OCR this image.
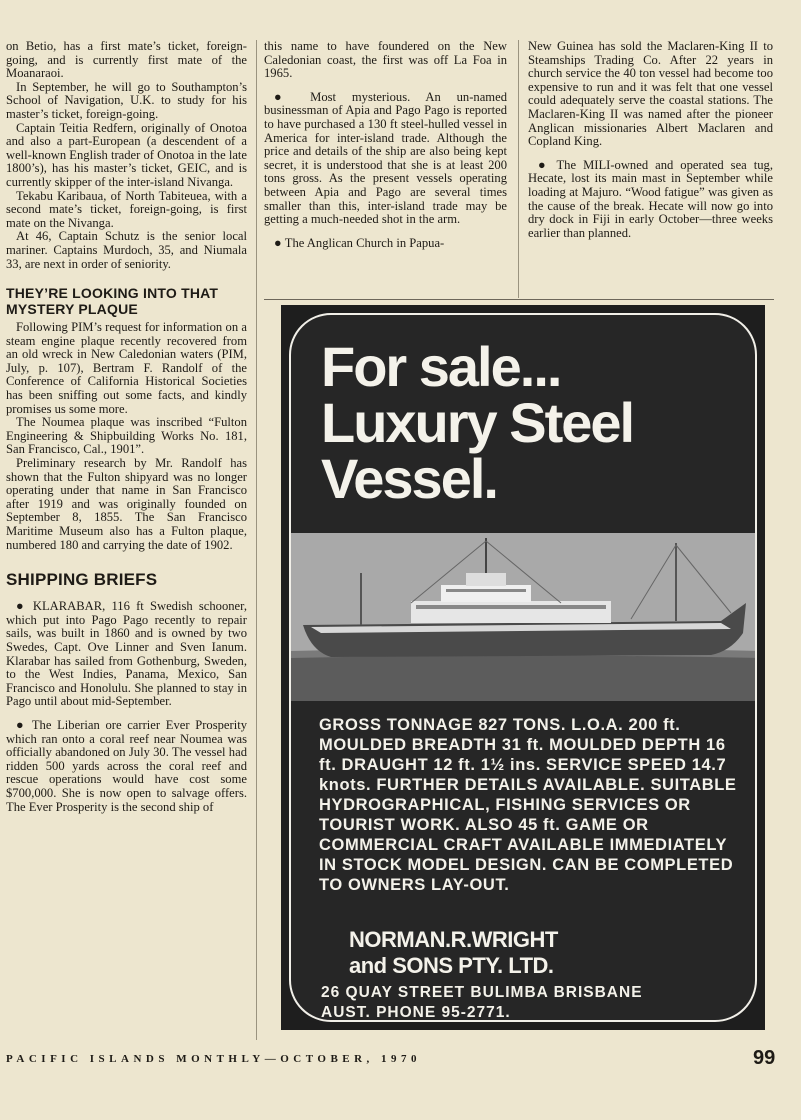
on Betio, has a first mate’s ticket, foreign-going, and is currently first mate of the Moanaraoi.

In September, he will go to Southampton’s School of Navigation, U.K. to study for his master’s ticket, foreign-going.

Captain Teitia Redfern, originally of Onotoa and also a part-European (a descendent of a well-known English trader of Onotoa in the late 1800’s), has his master’s ticket, GEIC, and is currently skipper of the inter-island Nivanga.

Tekabu Karibaua, of North Tabiteuea, with a second mate’s ticket, foreign-going, is first mate on the Nivanga.

At 46, Captain Schutz is the senior local mariner. Captains Murdoch, 35, and Niumala 33, are next in order of seniority.

THEY’RE LOOKING INTO THAT MYSTERY PLAQUE

Following PIM’s request for information on a steam engine plaque recently recovered from an old wreck in New Caledonian waters (PIM, July, p. 107), Bertram F. Randolf of the Conference of California Historical Societies has been sniffing out some facts, and kindly promises us some more.

The Noumea plaque was inscribed “Fulton Engineering & Shipbuilding Works No. 181, San Francisco, Cal., 1901”.

Preliminary research by Mr. Randolf has shown that the Fulton shipyard was no longer operating under that name in San Francisco after 1919 and was originally founded on September 8, 1855. The San Francisco Maritime Museum also has a Fulton plaque, numbered 180 and carrying the date of 1902.

SHIPPING BRIEFS

● KLARABAR, 116 ft Swedish schooner, which put into Pago Pago recently to repair sails, was built in 1860 and is owned by two Swedes, Capt. Ove Linner and Sven Ianum. Klarabar has sailed from Gothenburg, Sweden, to the West Indies, Panama, Mexico, San Francisco and Honolulu. She planned to stay in Pago until about mid-September.

● The Liberian ore carrier Ever Prosperity which ran onto a coral reef near Noumea was officially abandoned on July 30. The vessel had ridden 500 yards across the coral reef and rescue operations would have cost some $700,000. She is now open to salvage offers. The Ever Prosperity is the second ship of

this name to have foundered on the New Caledonian coast, the first was off La Foa in 1965.

● Most mysterious. An un-named businessman of Apia and Pago Pago is reported to have purchased a 130 ft steel-hulled vessel in America for inter-island trade. Although the price and details of the ship are also being kept secret, it is understood that she is at least 200 tons gross. As the present vessels operating between Apia and Pago are several times smaller than this, inter-island trade may be getting a much-needed shot in the arm.

● The Anglican Church in Papua-

New Guinea has sold the Maclaren-King II to Steamships Trading Co. After 22 years in church service the 40 ton vessel had become too expensive to run and it was felt that one vessel could adequately serve the coastal stations. The Maclaren-King II was named after the pioneer Anglican missionaries Albert Maclaren and Copland King.

● The MILI-owned and operated sea tug, Hecate, lost its main mast in September while loading at Majuro. “Wood fatigue” was given as the cause of the break. Hecate will now go into dry dock in Fiji in early October—three weeks earlier than planned.

For sale...
Luxury Steel
Vessel.
GROSS TONNAGE 827 TONS. L.O.A. 200 ft. MOULDED BREADTH 31 ft. MOULDED DEPTH 16 ft. DRAUGHT 12 ft. 1½ ins. SERVICE SPEED 14.7 knots. FURTHER DETAILS AVAILABLE. SUITABLE HYDROGRAPHICAL, FISHING SERVICES OR TOURIST WORK. ALSO 45 ft. GAME OR COMMERCIAL CRAFT AVAILABLE IMMEDIATELY IN STOCK MODEL DESIGN. CAN BE COMPLETED TO OWNERS LAY-OUT.
NORMAN.R.WRIGHT
and SONS PTY. LTD.
26 QUAY STREET BULIMBA BRISBANE
AUST. PHONE 95-2771.
PACIFIC ISLANDS MONTHLY—OCTOBER, 1970	99
